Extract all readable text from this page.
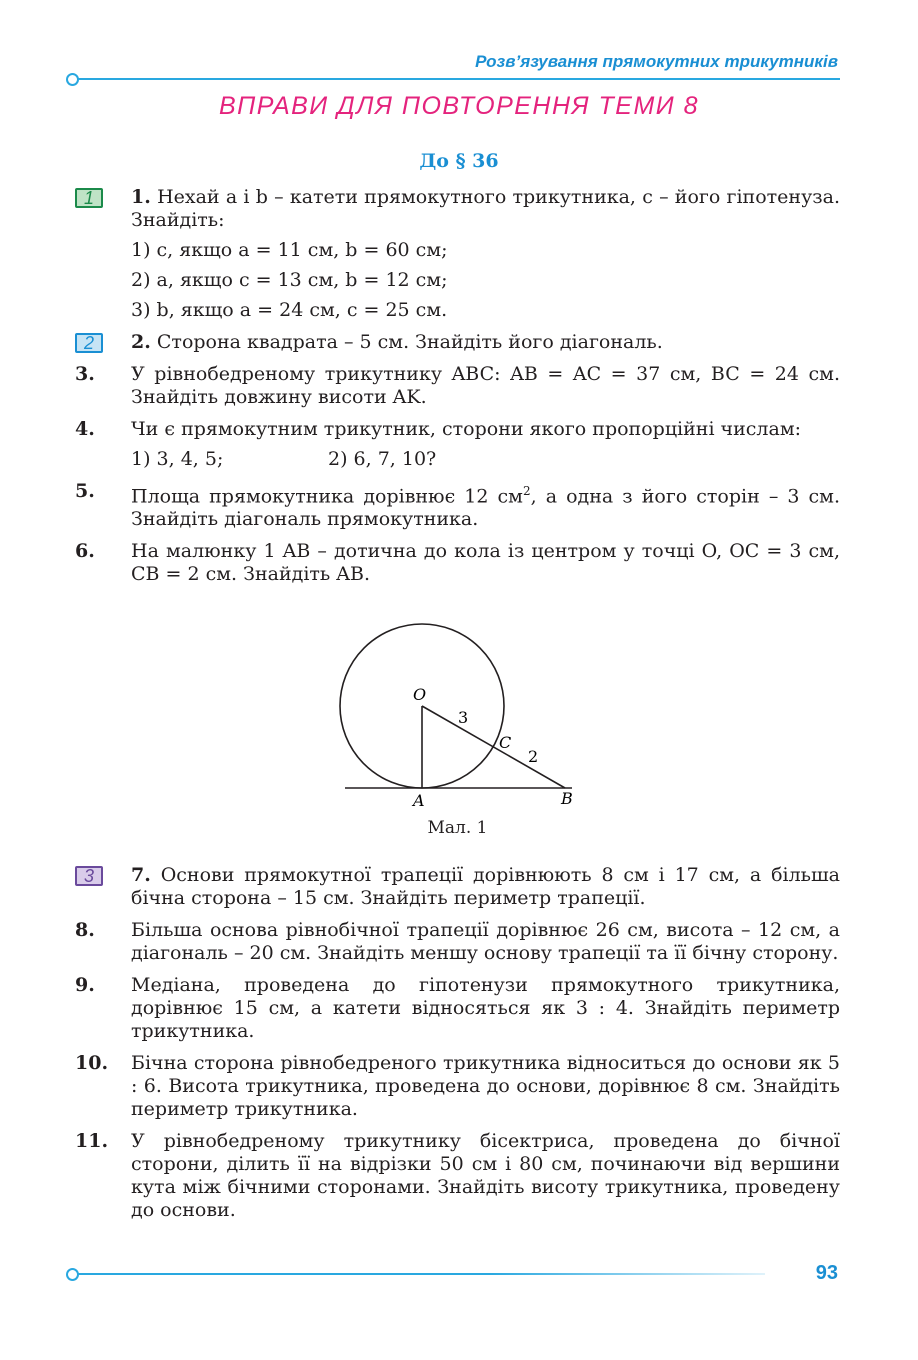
Розв’язування прямокутних трикутників
ВПРАВИ ДЛЯ ПОВТОРЕННЯ ТЕМИ 8
До § 36
1	1. Нехай a і b – катети прямокутного трикутника, c – його гіпотенуза. Знайдіть:
1) c, якщо a = 11 см, b = 60 см;
2) a, якщо c = 13 см, b = 12 см;
3) b, якщо a = 24 см, c = 25 см.
2	2. Сторона квадрата – 5 см. Знайдіть його діагональ.
3. У рівнобедреному трикутнику ABC: AB = AC = 37 см, BC = 24 см. Знайдіть довжину висоти AK.
4. Чи є прямокутним трикутник, сторони якого пропорційні числам:
1) 3, 4, 5;	2) 6, 7, 10?
5. Площа прямокутника дорівнює 12 $см^2$, а одна з його сторін – 3 см. Знайдіть діагональ прямокутника.
6. На малюнку 1 AB – дотична до кола із центром у точці O, OC = 3 см, CB = 2 см. Знайдіть AB.
O
A	B
C
3
2
Мал. 1
3	7. Основи прямокутної трапеції дорівнюють 8 см і 17 см, а більша бічна сторона – 15 см. Знайдіть периметр трапеції.
8. Більша основа рівнобічної трапеції дорівнює 26 см, висота – 12 см, а діагональ – 20 см. Знайдіть меншу основу трапеції та її бічну сторону.
9. Медіана, проведена до гіпотенузи прямокутного трикутника, дорівнює 15 см, а катети відносяться як 3 : 4. Знайдіть периметр трикутника.
10. Бічна сторона рівнобедреного трикутника відноситься до основи як 5 : 6. Висота трикутника, проведена до основи, дорівнює 8 см. Знайдіть периметр трикутника.
11. У рівнобедреному трикутнику бісектриса, проведена до бічної сторони, ділить її на відрізки 50 см і 80 см, починаючи від вершини кута між бічними сторонами. Знайдіть висоту трикутника, проведену до основи.
93
